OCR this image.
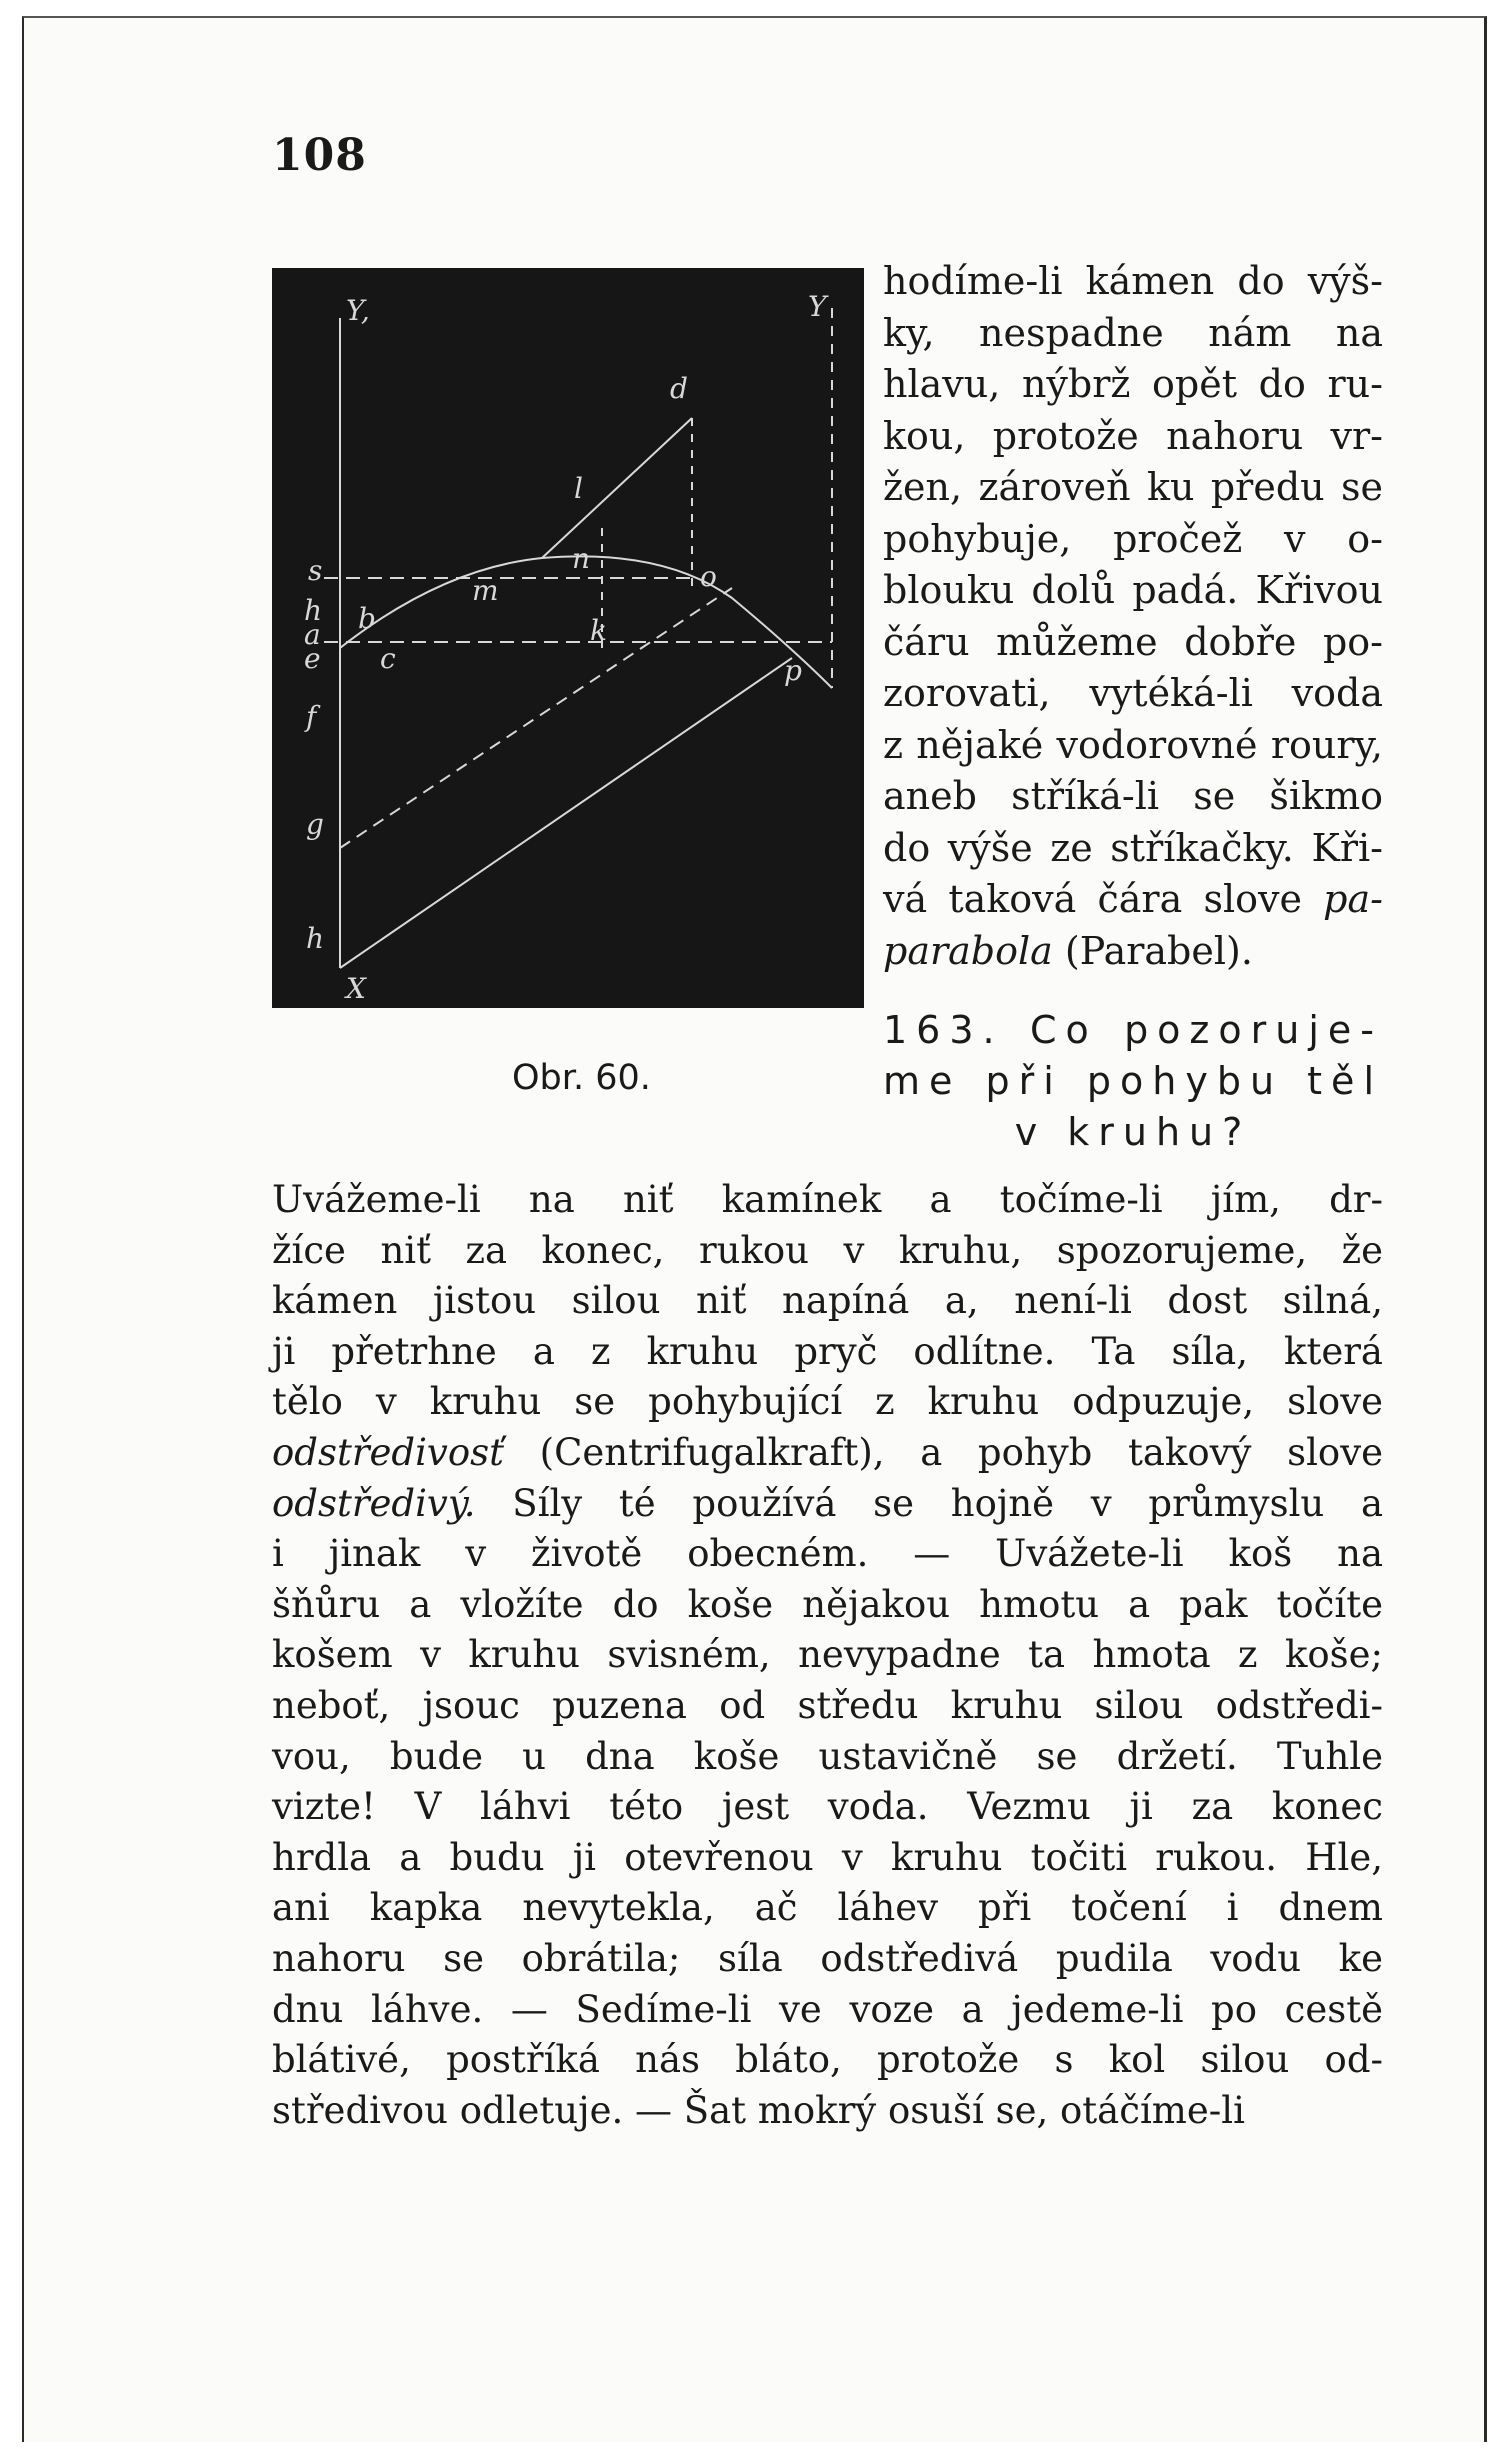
108
Y,	Y
X
s
h
a
e
f
g
h
b
c
d
k
l
m
n
o
p
Obr. 60.
hodíme-li kámen do výš-
ky, nespadne nám na
hlavu, nýbrž opět do ru-
kou, protože nahoru vr-
žen, zároveň ku předu se
pohybuje, pročež v o-
blouku dolů padá. Křivou
čáru můžeme dobře po-
zorovati, vytéká-li voda
z nějaké vodorovné roury,
aneb stříká-li se šikmo
do výše ze stříkačky. Kři-
vá taková čára slove pa-
parabola (Parabel).
163. Co pozoruje-
me při pohybu těl
v kruhu?
Uvážeme-li na niť kamínek a točíme-li jím, dr-
žíce niť za konec, rukou v kruhu, spozorujeme, že
kámen jistou silou niť napíná a, není-li dost silná,
ji přetrhne a z kruhu pryč odlítne. Ta síla, která
tělo v kruhu se pohybující z kruhu odpuzuje, slove
odstředivosť (Centrifugalkraft), a pohyb takový slove
odstředivý. Síly té používá se hojně v průmyslu a
i jinak v životě obecném. — Uvážete-li koš na
šňůru a vložíte do koše nějakou hmotu a pak točíte
košem v kruhu svisném, nevypadne ta hmota z koše;
neboť, jsouc puzena od středu kruhu silou odstředi-
vou, bude u dna koše ustavičně se držetí. Tuhle
vizte! V láhvi této jest voda. Vezmu ji za konec
hrdla a budu ji otevřenou v kruhu točiti rukou. Hle,
ani kapka nevytekla, ač láhev při točení i dnem
nahoru se obrátila; síla odstředivá pudila vodu ke
dnu láhve. — Sedíme-li ve voze a jedeme-li po cestě
blátivé, postříká nás bláto, protože s kol silou od-
středivou odletuje. — Šat mokrý osuší se, otáčíme-li
